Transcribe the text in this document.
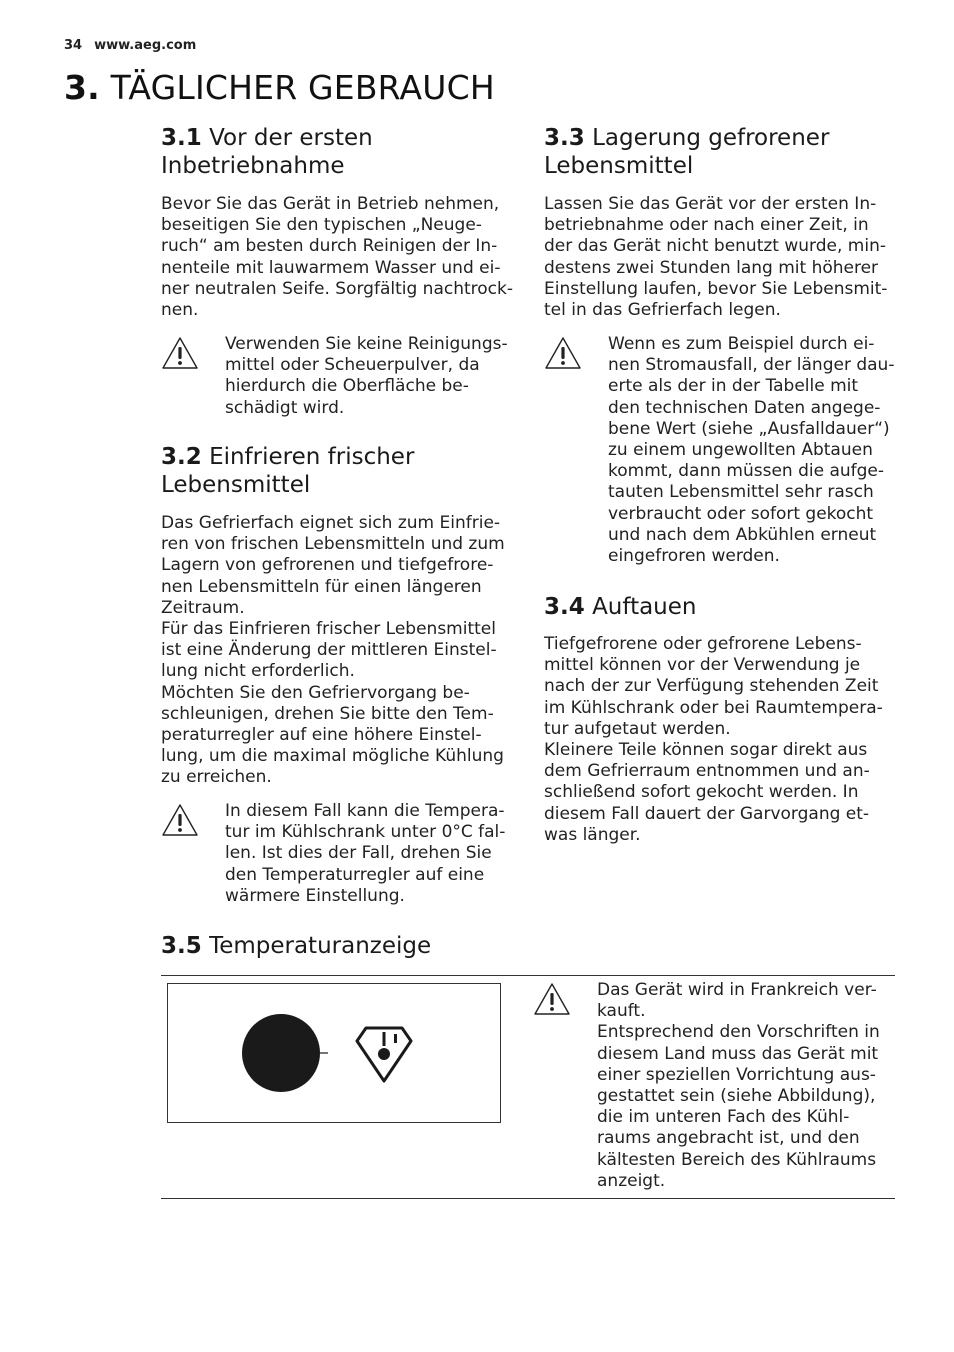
34 www.aeg.com
3. TÄGLICHER GEBRAUCH
3.1 Vor der ersten
Inbetriebnahme
Bevor Sie das Gerät in Betrieb nehmen,
beseitigen Sie den typischen „Neuge-
ruch“ am besten durch Reinigen der In-
nenteile mit lauwarmem Wasser und ei-
ner neutralen Seife. Sorgfältig nachtrock-
nen.
Verwenden Sie keine Reinigungs-
mittel oder Scheuerpulver, da
hierdurch die Oberfläche be-
schädigt wird.
3.2 Einfrieren frischer
Lebensmittel
Das Gefrierfach eignet sich zum Einfrie-
ren von frischen Lebensmitteln und zum
Lagern von gefrorenen und tiefgefrore-
nen Lebensmitteln für einen längeren
Zeitraum.
Für das Einfrieren frischer Lebensmittel
ist eine Änderung der mittleren Einstel-
lung nicht erforderlich.
Möchten Sie den Gefriervorgang be-
schleunigen, drehen Sie bitte den Tem-
peraturregler auf eine höhere Einstel-
lung, um die maximal mögliche Kühlung
zu erreichen.
In diesem Fall kann die Tempera-
tur im Kühlschrank unter 0°C fal-
len. Ist dies der Fall, drehen Sie
den Temperaturregler auf eine
wärmere Einstellung.
3.3 Lagerung gefrorener
Lebensmittel
Lassen Sie das Gerät vor der ersten In-
betriebnahme oder nach einer Zeit, in
der das Gerät nicht benutzt wurde, min-
destens zwei Stunden lang mit höherer
Einstellung laufen, bevor Sie Lebensmit-
tel in das Gefrierfach legen.
Wenn es zum Beispiel durch ei-
nen Stromausfall, der länger dau-
erte als der in der Tabelle mit
den technischen Daten angege-
bene Wert (siehe „Ausfalldauer“)
zu einem ungewollten Abtauen
kommt, dann müssen die aufge-
tauten Lebensmittel sehr rasch
verbraucht oder sofort gekocht
und nach dem Abkühlen erneut
eingefroren werden.
3.4 Auftauen
Tiefgefrorene oder gefrorene Lebens-
mittel können vor der Verwendung je
nach der zur Verfügung stehenden Zeit
im Kühlschrank oder bei Raumtempera-
tur aufgetaut werden.
Kleinere Teile können sogar direkt aus
dem Gefrierraum entnommen und an-
schließend sofort gekocht werden. In
diesem Fall dauert der Garvorgang et-
was länger.
3.5 Temperaturanzeige
Das Gerät wird in Frankreich ver-
kauft.
Entsprechend den Vorschriften in
diesem Land muss das Gerät mit
einer speziellen Vorrichtung aus-
gestattet sein (siehe Abbildung),
die im unteren Fach des Kühl-
raums angebracht ist, und den
kältesten Bereich des Kühlraums
anzeigt.
